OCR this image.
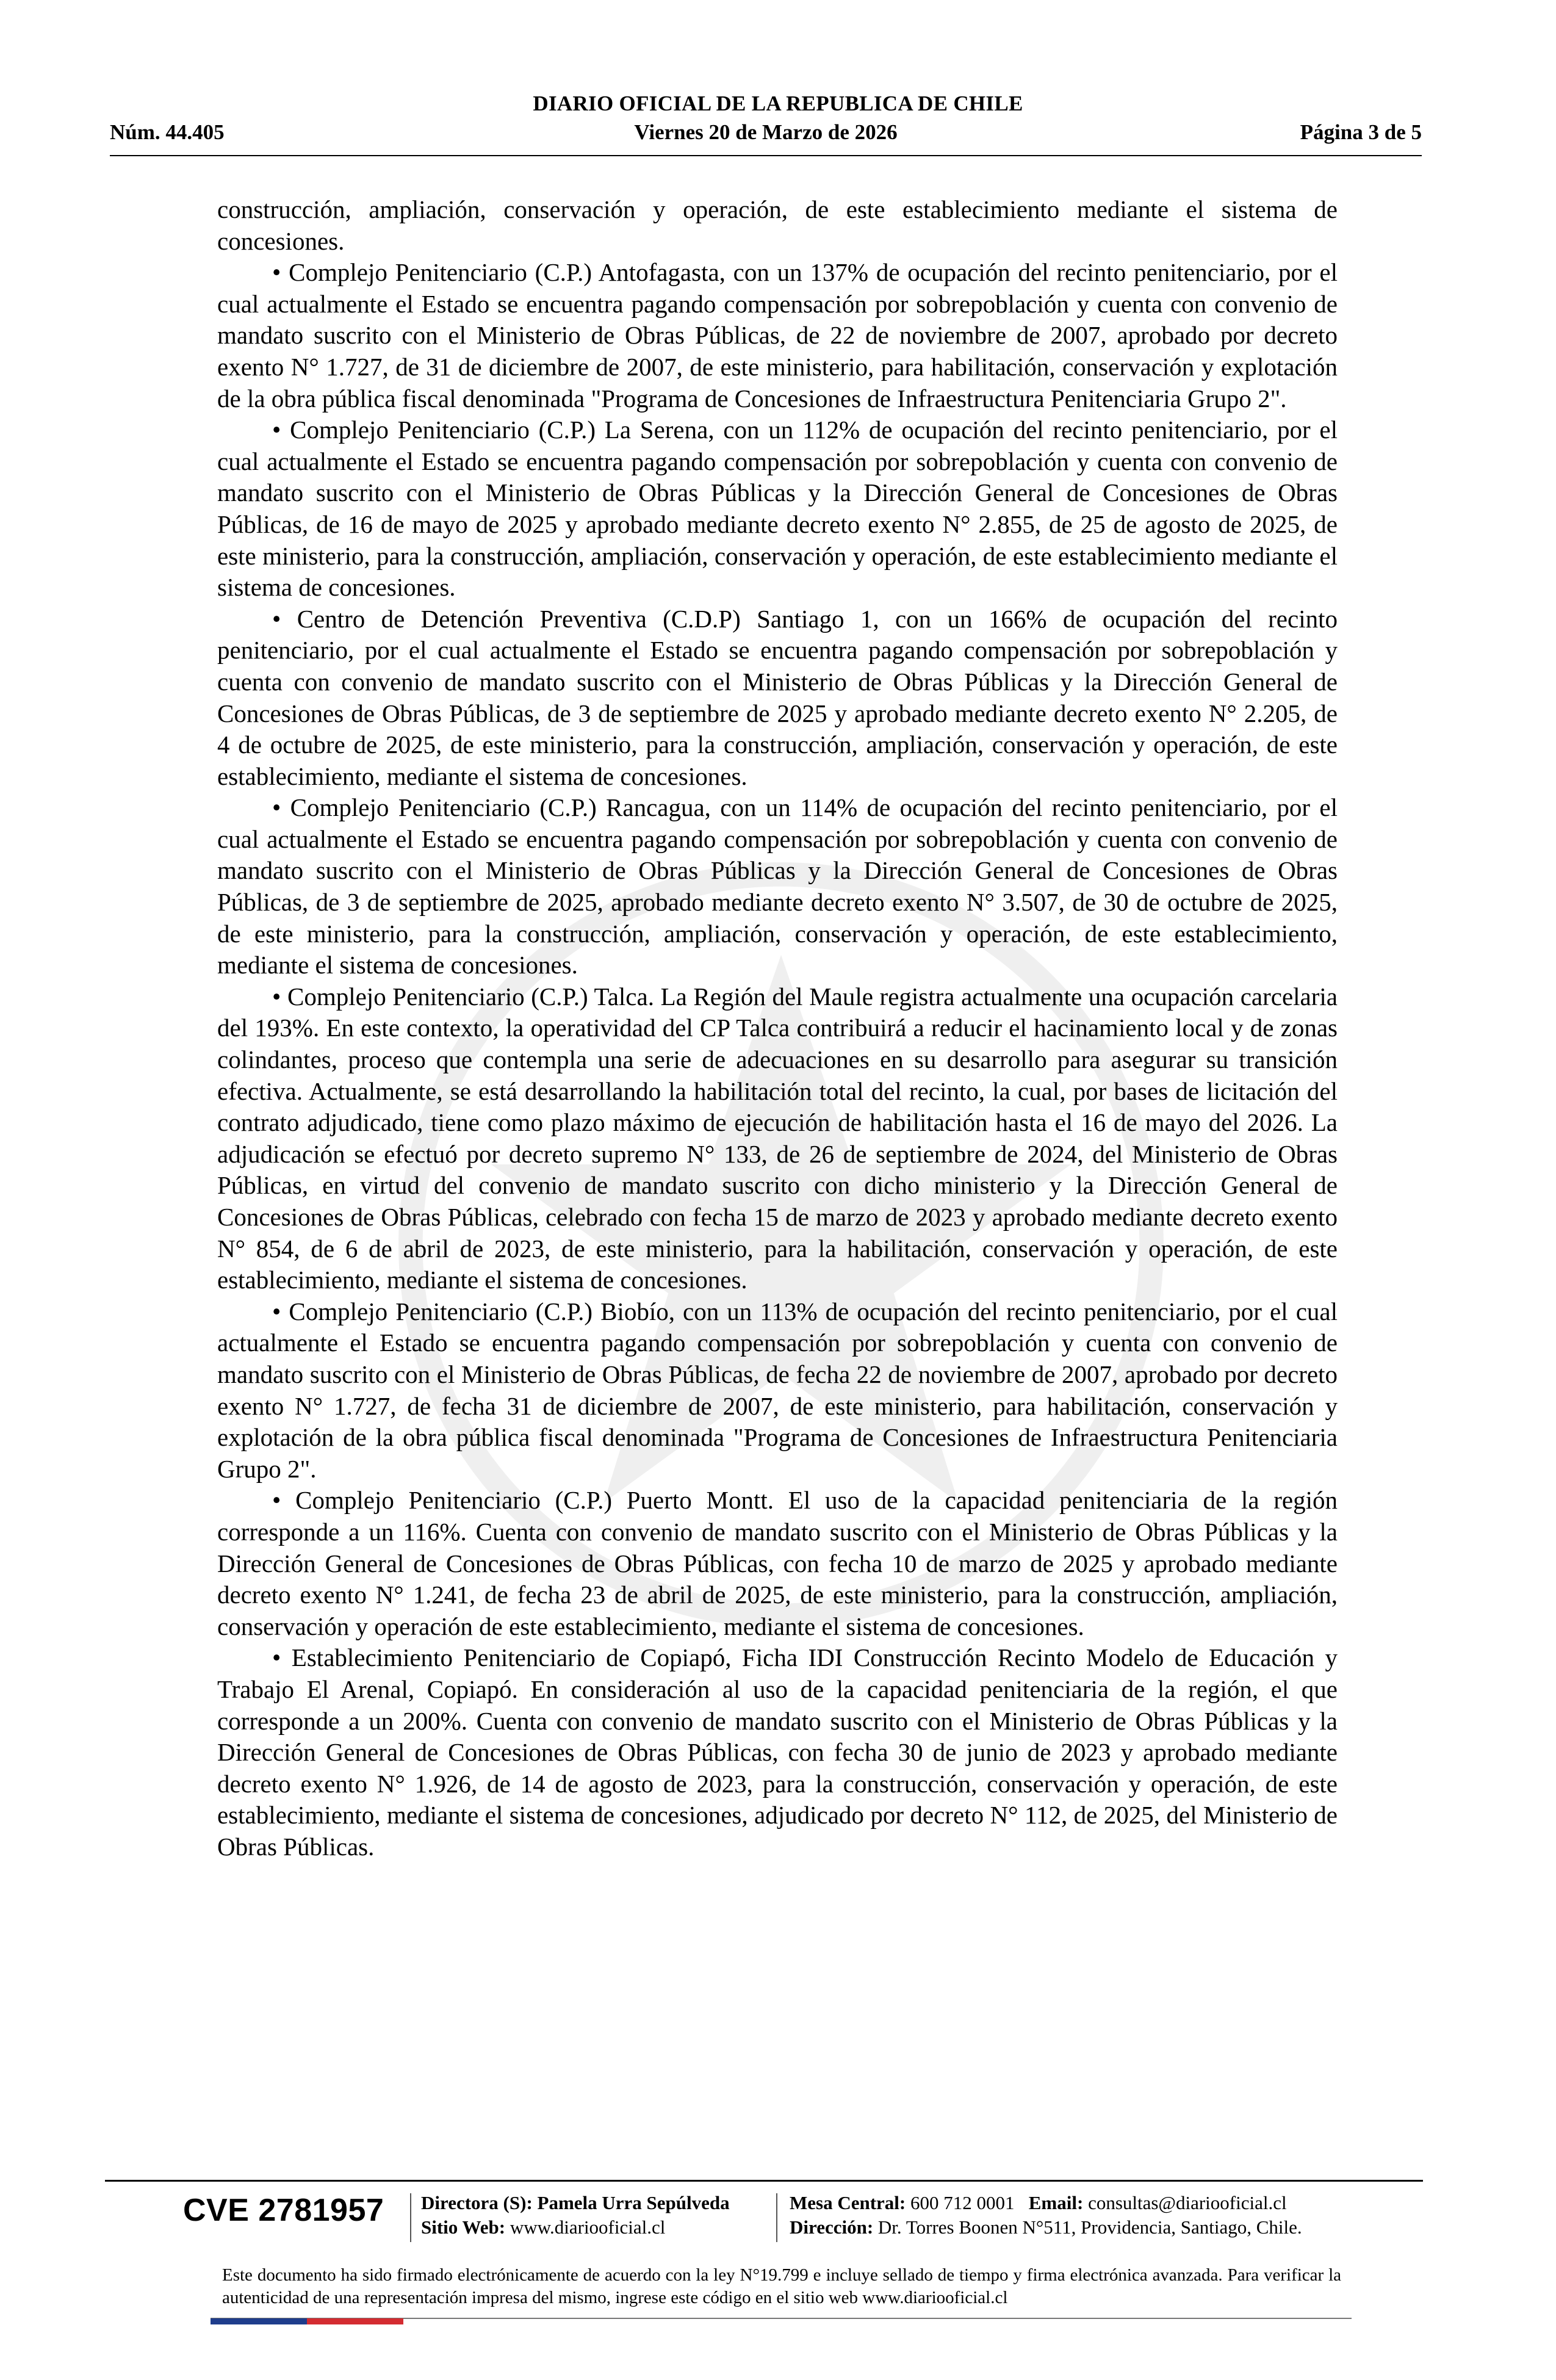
DIARIO OFICIAL DE LA REPUBLICA DE CHILE
Viernes 20 de Marzo de 2026
Núm. 44.405	Página 3 de 5

construcción, ampliación, conservación y operación, de este establecimiento mediante el sistema de concesiones.

• Complejo Penitenciario (C.P.) Antofagasta, con un 137% de ocupación del recinto penitenciario, por el cual actualmente el Estado se encuentra pagando compensación por sobrepoblación y cuenta con convenio de mandato suscrito con el Ministerio de Obras Públicas, de 22 de noviembre de 2007, aprobado por decreto exento N° 1.727, de 31 de diciembre de 2007, de este ministerio, para habilitación, conservación y explotación de la obra pública fiscal denominada "Programa de Concesiones de Infraestructura Penitenciaria Grupo 2".

• Complejo Penitenciario (C.P.) La Serena, con un 112% de ocupación del recinto penitenciario, por el cual actualmente el Estado se encuentra pagando compensación por sobrepoblación y cuenta con convenio de mandato suscrito con el Ministerio de Obras Públicas y la Dirección General de Concesiones de Obras Públicas, de 16 de mayo de 2025 y aprobado mediante decreto exento N° 2.855, de 25 de agosto de 2025, de este ministerio, para la construcción, ampliación, conservación y operación, de este establecimiento mediante el sistema de concesiones.

• Centro de Detención Preventiva (C.D.P) Santiago 1, con un 166% de ocupación del recinto penitenciario, por el cual actualmente el Estado se encuentra pagando compensación por sobrepoblación y cuenta con convenio de mandato suscrito con el Ministerio de Obras Públicas y la Dirección General de Concesiones de Obras Públicas, de 3 de septiembre de 2025 y aprobado mediante decreto exento N° 2.205, de 4 de octubre de 2025, de este ministerio, para la construcción, ampliación, conservación y operación, de este establecimiento, mediante el sistema de concesiones.

• Complejo Penitenciario (C.P.) Rancagua, con un 114% de ocupación del recinto penitenciario, por el cual actualmente el Estado se encuentra pagando compensación por sobrepoblación y cuenta con convenio de mandato suscrito con el Ministerio de Obras Públicas y la Dirección General de Concesiones de Obras Públicas, de 3 de septiembre de 2025, aprobado mediante decreto exento N° 3.507, de 30 de octubre de 2025, de este ministerio, para la construcción, ampliación, conservación y operación, de este establecimiento, mediante el sistema de concesiones.

• Complejo Penitenciario (C.P.) Talca. La Región del Maule registra actualmente una ocupación carcelaria del 193%. En este contexto, la operatividad del CP Talca contribuirá a reducir el hacinamiento local y de zonas colindantes, proceso que contempla una serie de adecuaciones en su desarrollo para asegurar su transición efectiva. Actualmente, se está desarrollando la habilitación total del recinto, la cual, por bases de licitación del contrato adjudicado, tiene como plazo máximo de ejecución de habilitación hasta el 16 de mayo del 2026. La adjudicación se efectuó por decreto supremo N° 133, de 26 de septiembre de 2024, del Ministerio de Obras Públicas, en virtud del convenio de mandato suscrito con dicho ministerio y la Dirección General de Concesiones de Obras Públicas, celebrado con fecha 15 de marzo de 2023 y aprobado mediante decreto exento N° 854, de 6 de abril de 2023, de este ministerio, para la habilitación, conservación y operación, de este establecimiento, mediante el sistema de concesiones.

• Complejo Penitenciario (C.P.) Biobío, con un 113% de ocupación del recinto penitenciario, por el cual actualmente el Estado se encuentra pagando compensación por sobrepoblación y cuenta con convenio de mandato suscrito con el Ministerio de Obras Públicas, de fecha 22 de noviembre de 2007, aprobado por decreto exento N° 1.727, de fecha 31 de diciembre de 2007, de este ministerio, para habilitación, conservación y explotación de la obra pública fiscal denominada "Programa de Concesiones de Infraestructura Penitenciaria Grupo 2".

• Complejo Penitenciario (C.P.) Puerto Montt. El uso de la capacidad penitenciaria de la región corresponde a un 116%. Cuenta con convenio de mandato suscrito con el Ministerio de Obras Públicas y la Dirección General de Concesiones de Obras Públicas, con fecha 10 de marzo de 2025 y aprobado mediante decreto exento N° 1.241, de fecha 23 de abril de 2025, de este ministerio, para la construcción, ampliación, conservación y operación de este establecimiento, mediante el sistema de concesiones.

• Establecimiento Penitenciario de Copiapó, Ficha IDI Construcción Recinto Modelo de Educación y Trabajo El Arenal, Copiapó. En consideración al uso de la capacidad penitenciaria de la región, el que corresponde a un 200%. Cuenta con convenio de mandato suscrito con el Ministerio de Obras Públicas y la Dirección General de Concesiones de Obras Públicas, con fecha 30 de junio de 2023 y aprobado mediante decreto exento N° 1.926, de 14 de agosto de 2023, para la construcción, conservación y operación, de este establecimiento, mediante el sistema de concesiones, adjudicado por decreto N° 112, de 2025, del Ministerio de Obras Públicas.

CVE 2781957 Directora (S): Pamela Urra Sepúlveda
Sitio Web: www.diariooficial.cl
Mesa Central: 600 712 0001 Email: consultas@diariooficial.cl
Dirección: Dr. Torres Boonen N°511, Providencia, Santiago, Chile.
Este documento ha sido firmado electrónicamente de acuerdo con la ley N°19.799 e incluye sellado de tiempo y firma electrónica avanzada. Para verificar la autenticidad de una representación impresa del mismo, ingrese este código en el sitio web www.diariooficial.cl
